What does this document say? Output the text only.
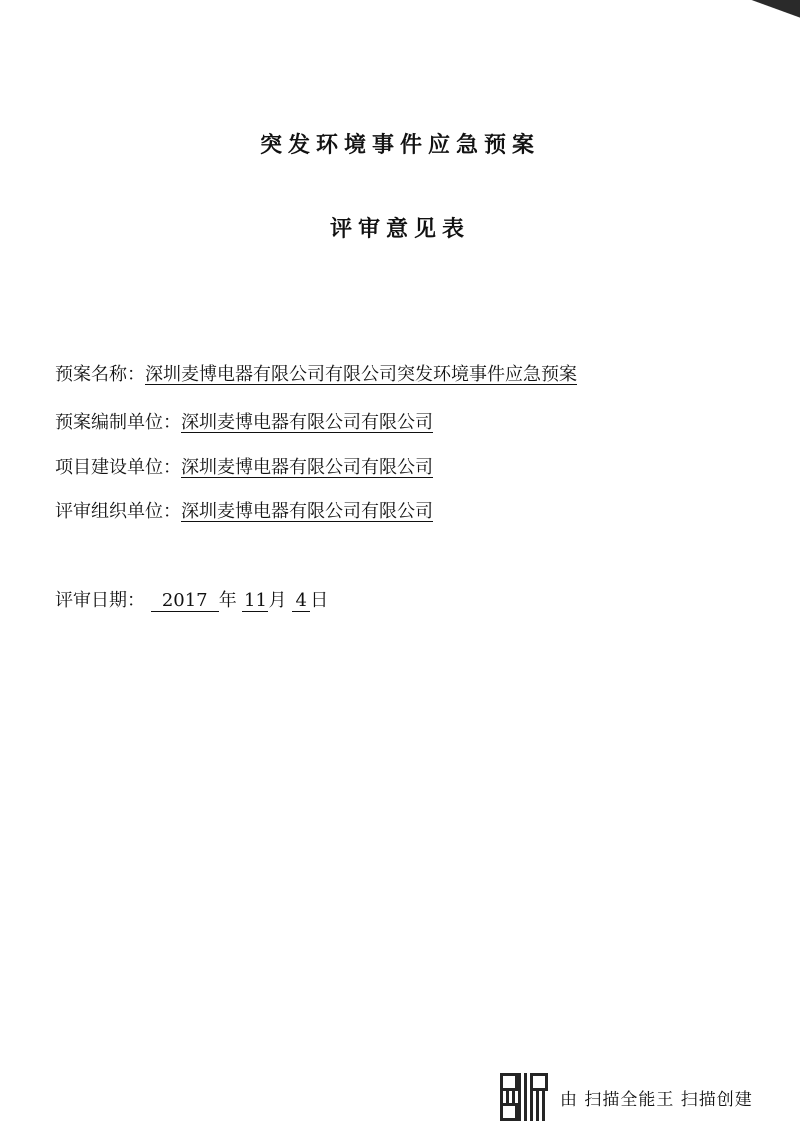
突发环境事件应急预案
评审意见表
预案名称：深圳麦博电器有限公司有限公司突发环境事件应急预案
预案编制单位：深圳麦博电器有限公司有限公司
项目建设单位：深圳麦博电器有限公司有限公司
评审组织单位：深圳麦博电器有限公司有限公司
评审日期： 2017 年 11月 4 日
由 扫描全能王 扫描创建
